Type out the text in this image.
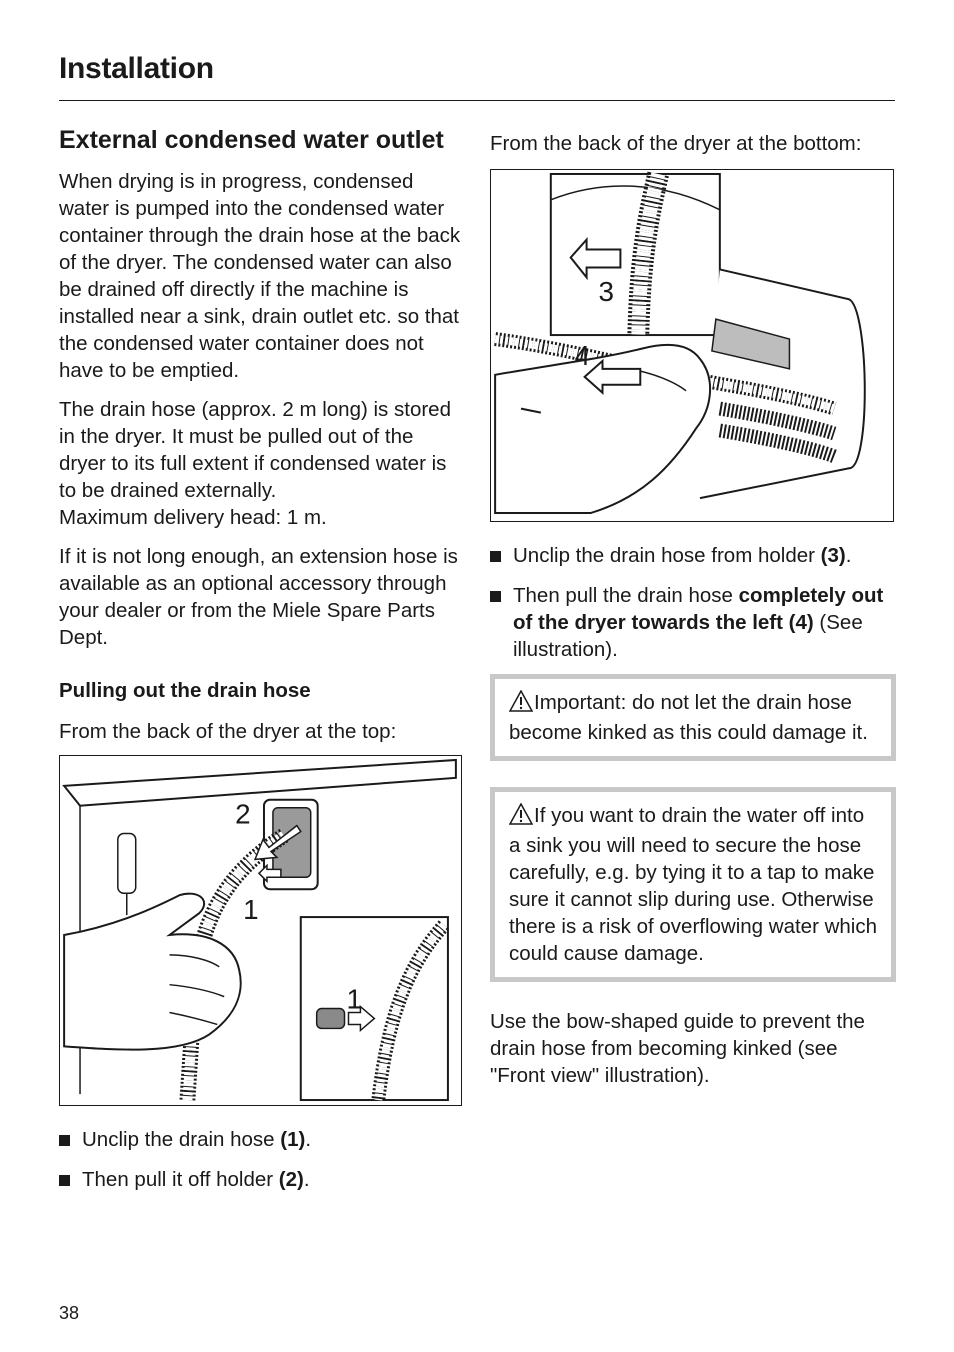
Installation
External condensed water outlet

When drying is in progress, condensed water is pumped into the condensed water container through the drain hose at the back of the dryer. The condensed water can also be drained off directly if the machine is installed near a sink, drain outlet etc. so that the condensed water container does not have to be emptied.

The drain hose (approx. 2 m long) is stored in the dryer. It must be pulled out of the dryer to its full extent if condensed water is to be drained externally.
Maximum delivery head: 1 m.

If it is not long enough, an extension hose is available as an optional accessory through your dealer or from the Miele Spare Parts Dept.

Pulling out the drain hose

From the back of the dryer at the top:

2
1
1
Unclip the drain hose (1).
Then pull it off holder (2).

From the back of the dryer at the bottom:

3
4
Unclip the drain hose from holder (3).
Then pull the drain hose completely out of the dryer towards the left (4) (See illustration).
Important: do not let the drain hose become kinked as this could damage it.
If you want to drain the water off into a sink you will need to secure the hose carefully, e.g. by tying it to a tap to make sure it cannot slip during use. Otherwise there is a risk of overflowing water which could cause damage.

Use the bow-shaped guide to prevent the drain hose from becoming kinked (see "Front view" illustration).

38
